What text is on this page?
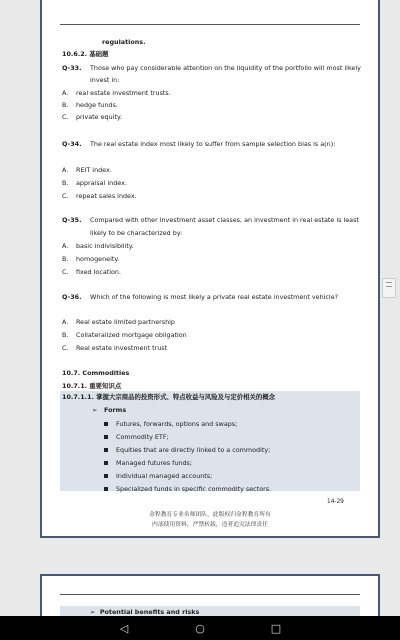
regulations.
10.6.2. 基础题
Q-33. Those who pay considerable attention on the liquidity of the portfolio will most likely
invest in:
A. real estate investment trusts.
B. hedge funds.
C. private equity.
Q-34. The real estate index most likely to suffer from sample selection bias is a(n):
A. REIT index.
B. appraisal index.
C. repeat sales index.
Q-35. Compared with other investment asset classes, an investment in real estate is least
likely to be characterized by:
A. basic indivisibility.
B. homogeneity.
C. fixed location.
Q-36. Which of the following is most likely a private real estate investment vehicle?
A. Real estate limited partnership
B. Collateralized mortgage obligation
C. Real estate investment trust
10.7. Commodities
10.7.1. 重要知识点
10.7.1.1. 掌握大宗商品的投资形式、特点收益与风险及与定价相关的概念
➢   Forms
Futures, forwards, options and swaps;
Commodity ETF;
Equities that are directly linked to a commodity;
Managed futures funds;
Individual managed accounts;
Specialized funds in specific commodity sectors.
14-29
金程教育专业名师团队，此版权归金程教育所有
内部使用资料，严禁转载，违者追究法律责任
➢  Potential benefits and risks
◁	○	□
